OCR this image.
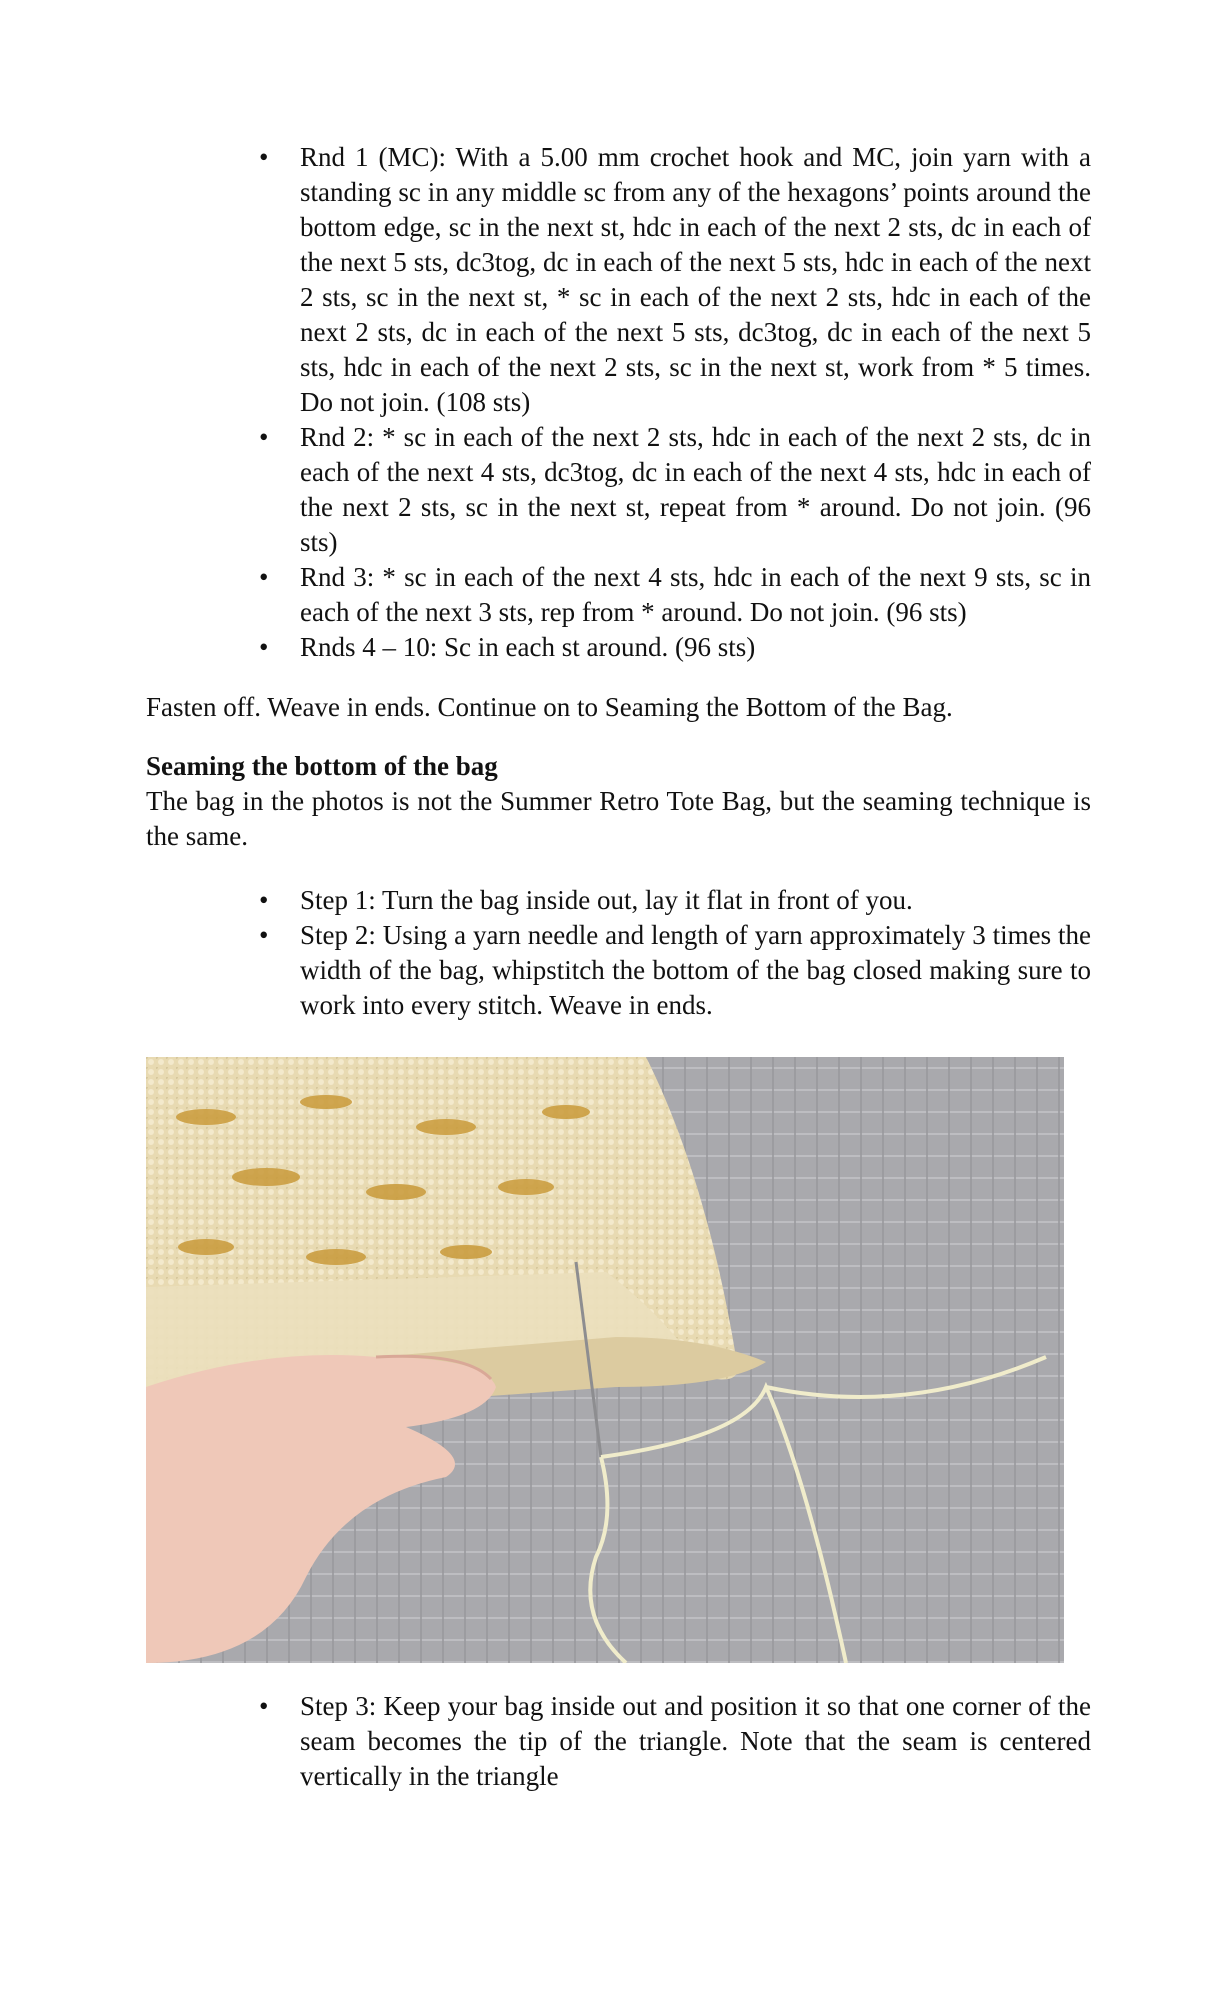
• Rnd 1 (MC): With a 5.00 mm crochet hook and MC, join yarn with a standing sc in any middle sc from any of the hexagons’ points around the bottom edge, sc in the next st, hdc in each of the next 2 sts, dc in each of the next 5 sts, dc3tog, dc in each of the next 5 sts, hdc in each of the next 2 sts, sc in the next st, * sc in each of the next 2 sts, hdc in each of the next 2 sts, dc in each of the next 5 sts, dc3tog, dc in each of the next 5 sts, hdc in each of the next 2 sts, sc in the next st, work from * 5 times. Do not join. (108 sts)
• Rnd 2: * sc in each of the next 2 sts, hdc in each of the next 2 sts, dc in each of the next 4 sts, dc3tog, dc in each of the next 4 sts, hdc in each of the next 2 sts, sc in the next st, repeat from * around. Do not join. (96 sts)
• Rnd 3: * sc in each of the next 4 sts, hdc in each of the next 9 sts, sc in each of the next 3 sts, rep from * around. Do not join. (96 sts)
• Rnds 4 – 10: Sc in each st around. (96 sts)

Fasten off. Weave in ends. Continue on to Seaming the Bottom of the Bag.

Seaming the bottom of the bag

The bag in the photos is not the Summer Retro Tote Bag, but the seaming technique is the same.

• Step 1: Turn the bag inside out, lay it flat in front of you.
• Step 2: Using a yarn needle and length of yarn approximately 3 times the width of the bag, whipstitch the bottom of the bag closed making sure to work into every stitch. Weave in ends.
• Step 3: Keep your bag inside out and position it so that one corner of the seam becomes the tip of the triangle. Note that the seam is centered vertically in the triangle
